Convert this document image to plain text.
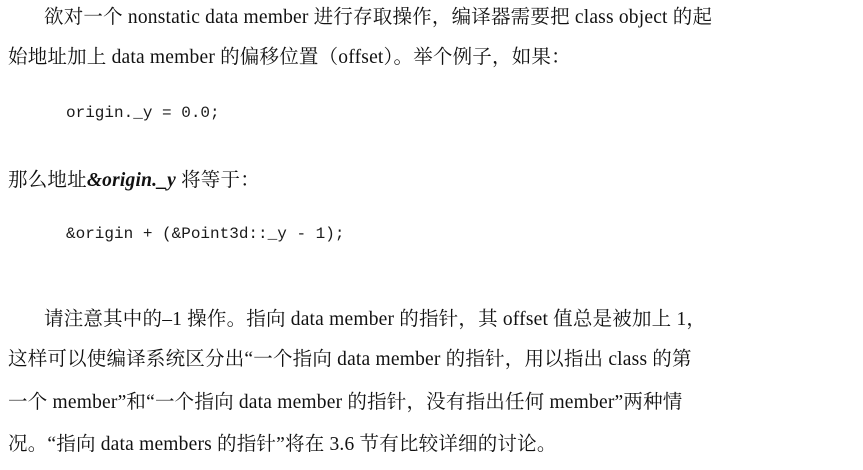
欲对一个 nonstatic data member 进行存取操作，编译器需要把 class object 的起
始地址加上 data member 的偏移位置（offset）。举个例子，如果：
origin._y = 0.0;
那么地址&origin._y 将等于：
&origin + (&Point3d::_y - 1);
请注意其中的–1 操作。指向 data member 的指针，其 offset 值总是被加上 1，
这样可以使编译系统区分出“一个指向 data member 的指针，用以指出 class 的第
一个 member”和“一个指向 data member 的指针，没有指出任何 member”两种情
况。“指向 data members 的指针”将在 3.6 节有比较详细的讨论。
